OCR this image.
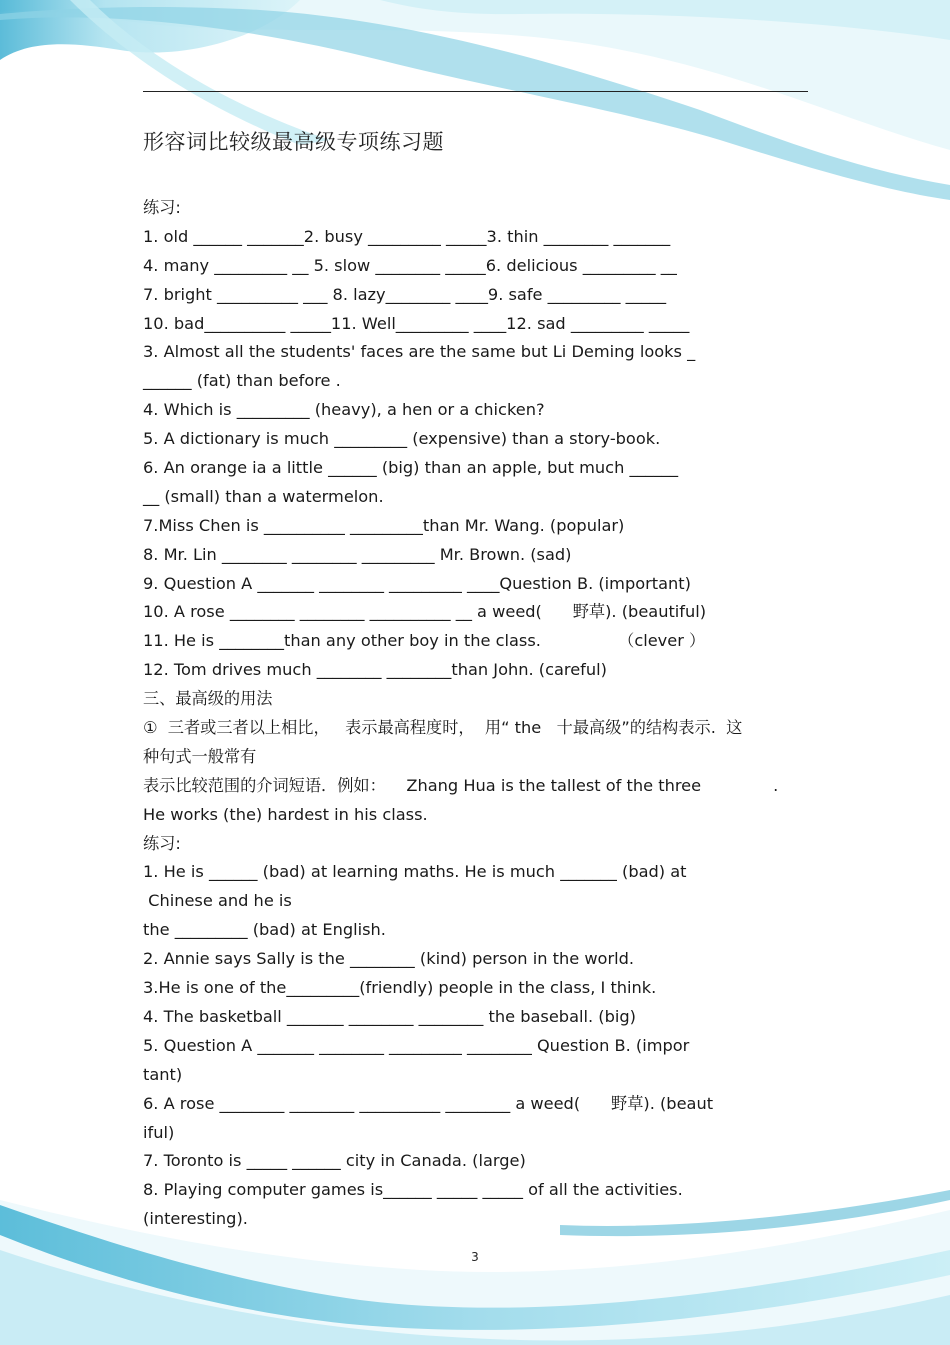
形容词比较级最高级专项练习题
练习:
1. old ______ _______2. busy _________ _____3. thin ________ _______
4. many _________ __ 5. slow ________ _____6. delicious _________ __
7. bright __________ ___ 8. lazy________ ____9. safe _________ _____
10. bad__________ _____11. Well_________ ____12. sad _________ _____
3. Almost all the students' faces are the same but Li Deming looks _
______ (fat) than before .
4. Which is _________ (heavy), a hen or a chicken?
5. A dictionary is much _________ (expensive) than a story-book.
6. An orange ia a little ______ (big) than an apple, but much ______
__ (small) than a watermelon.
7.Miss Chen is __________ _________than Mr. Wang. (popular)
8. Mr. Lin ________ ________ _________ Mr. Brown. (sad)
9. Question A _______ ________ _________ ____Question B. (important)
10. A rose ________ ________ __________ __ a weed(      野草). (beautiful)
11. He is ________than any other boy in the class.               （clever ）
12. Tom drives much ________ ________than John. (careful)
三、最高级的用法
①  三者或三者以上相比，   表示最高程度时，  用“ the   十最高级”的结构表示.  这
种句式一般常有
表示比较范围的介词短语．例如：    Zhang Hua is the tallest of the three              .
He works (the) hardest in his class.
练习:
1. He is ______ (bad) at learning maths. He is much _______ (bad) at
Chinese and he is
the _________ (bad) at English.
2. Annie says Sally is the ________ (kind) person in the world.
3.He is one of the_________(friendly) people in the class, I think.
4. The basketball _______ ________ ________ the baseball. (big)
5. Question A _______ ________ _________ ________ Question B. (impor
tant)
6. A rose ________ ________ __________ ________ a weed(      野草). (beaut
iful)
7. Toronto is _____ ______ city in Canada. (large)
8. Playing computer games is______ _____ _____ of all the activities.
(interesting).
3
